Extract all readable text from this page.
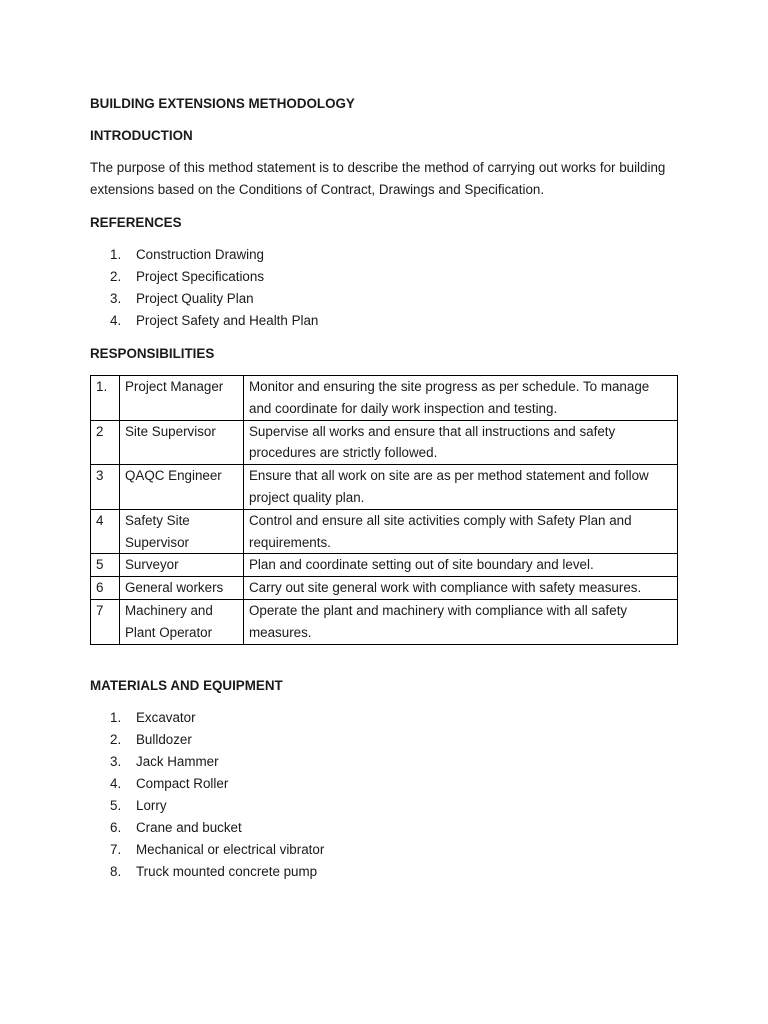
BUILDING EXTENSIONS METHODOLOGY

INTRODUCTION

The purpose of this method statement is to describe the method of carrying out works for building extensions based on the Conditions of Contract, Drawings and Specification.

REFERENCES

1.	Construction Drawing
2.	Project Specifications
3.	Project Quality Plan
4.	Project Safety and Health Plan

RESPONSIBILITIES

1.	Project Manager	Monitor and ensuring the site progress as per schedule. To manage and coordinate for daily work inspection and testing.
2	Site Supervisor	Supervise all works and ensure that all instructions and safety procedures are strictly followed.
3	QAQC Engineer	Ensure that all work on site are as per method statement and follow project quality plan.
4	Safety Site Supervisor	Control and ensure all site activities comply with Safety Plan and requirements.
5	Surveyor	Plan and coordinate setting out of site boundary and level.
6	General workers	Carry out site general work with compliance with safety measures.
7	Machinery and Plant Operator	Operate the plant and machinery with compliance with all safety measures.

MATERIALS AND EQUIPMENT

1.	Excavator
2.	Bulldozer
3.	Jack Hammer
4.	Compact Roller
5.	Lorry
6.	Crane and bucket
7.	Mechanical or electrical vibrator
8.	Truck mounted concrete pump
